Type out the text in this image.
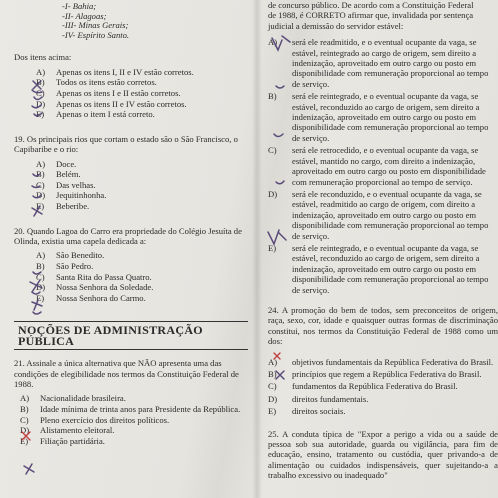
-I- Bahia;
-II- Alagoas;
-III- Minas Gerais;
-IV- Espírito Santo.
Dos itens acima:
A)	Apenas os itens I, II e IV estão corretos.
B)	Todos os itens estão corretos.
C)	Apenas os itens I e II estão corretos.
D)	Apenas os itens II e IV estão corretos.
E)	Apenas o item I está correto.
19. Os principais rios que cortam o estado são o São Francisco, o Capibaribe e o rio:
A)	Doce.
B)	Belém.
C)	Das velhas.
D)	Jequitinhonha.
E)	Beberibe.
20. Quando Lagoa do Carro era propriedade do Colégio Jesuíta de Olinda, existia uma capela dedicada a:
A)	São Benedito.
B)	São Pedro.
C)	Santa Rita do Passa Quatro.
D)	Nossa Senhora da Soledade.
E)	Nossa Senhora do Carmo.
NOÇÕES DE ADMINISTRAÇÃO PÚBLICA
21. Assinale a única alternativa que NÃO apresenta uma das condições de elegibilidade nos termos da Constituição Federal de 1988.
A)	Nacionalidade brasileira.
B)	Idade mínima de trinta anos para Presidente da República.
C)	Pleno exercício dos direitos políticos.
D)	Alistamento eleitoral.
E)	Filiação partidária.

de concurso público. De acordo com a Constituição Federal

de 1988, é CORRETO afirmar que, invalidada por sentença

judicial a demissão do servidor estável:

A)	será ele readmitido, e o eventual ocupante da vaga, se estável, reintegrado ao cargo de origem, sem direito a indenização, aproveitado em outro cargo ou posto em disponibilidade com remuneração proporcional ao tempo de serviço.
B)	será ele reintegrado, e o eventual ocupante da vaga, se estável, reconduzido ao cargo de origem, sem direito a indenização, aproveitado em outro cargo ou posto em disponibilidade com remuneração proporcional ao tempo de serviço.
C)	será ele retrocedido, e o eventual ocupante da vaga, se estável, mantido no cargo, com direito a indenização, aproveitado em outro cargo ou posto em disponibilidade com remuneração proporcional ao tempo de serviço.
D)	será ele reconduzido, e o eventual ocupante da vaga, se estável, readmitido ao cargo de origem, com direito a indenização, aproveitado em outro cargo ou posto em disponibilidade com remuneração proporcional ao tempo de serviço.
E)	será ele reintegrado, e o eventual ocupante da vaga, se estável, reconduzido ao cargo de origem, sem direito a indenização, aproveitado em outro cargo ou posto em disponibilidade com remuneração proporcional ao tempo de serviço.
24. A promoção do bem de todos, sem preconceitos de origem, raça, sexo, cor, idade e quaisquer outras formas de discriminação constitui, nos termos da Constituição Federal de 1988 como um dos:
A)	objetivos fundamentais da República Federativa do Brasil.
B)	princípios que regem a República Federativa do Brasil.
C)	fundamentos da República Federativa do Brasil.
D)	direitos fundamentais.
E)	direitos sociais.
25. A conduta típica de "Expor a perigo a vida ou a saúde de pessoa sob sua autoridade, guarda ou vigilância, para fim de educação, ensino, tratamento ou custódia, quer privando-a de alimentação ou cuidados indispensáveis, quer sujeitando-a a trabalho excessivo ou inadequado"
